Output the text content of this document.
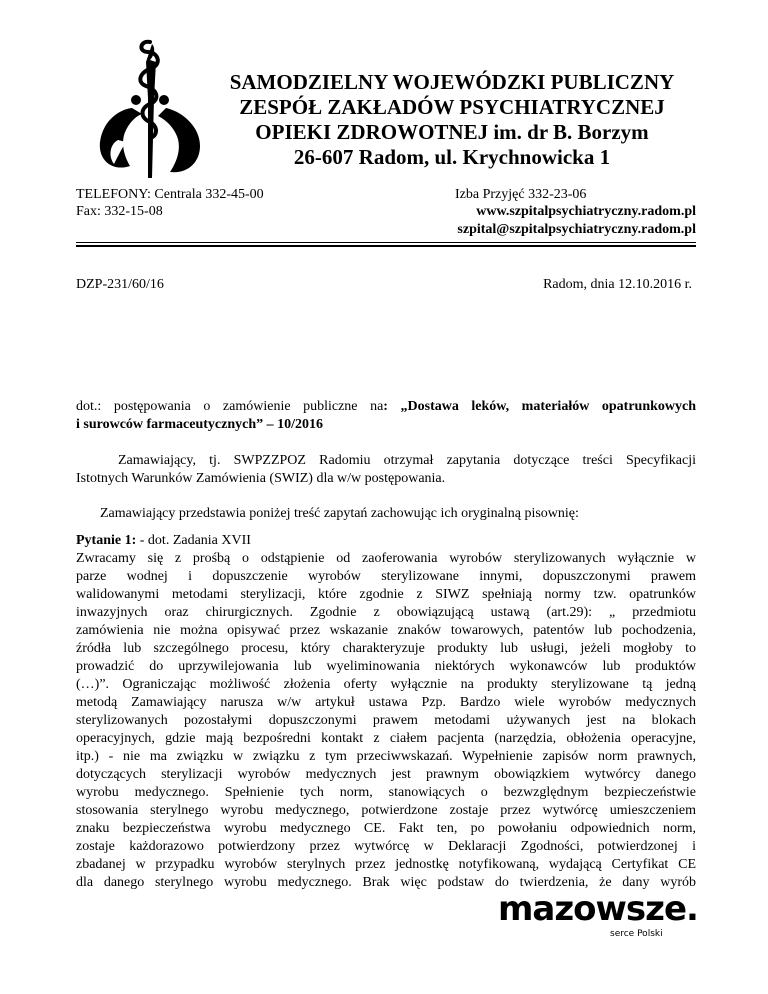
SAMODZIELNY WOJEWÓDZKI PUBLICZNY
ZESPÓŁ ZAKŁADÓW PSYCHIATRYCZNEJ
OPIEKI ZDROWOTNEJ im. dr B. Borzym
26-607 Radom, ul. Krychnowicka 1
TELEFONY: Centrala 332-45-00
Fax: 332-15-08
Izba Przyjęć 332-23-06
www.szpitalpsychiatryczny.radom.pl
szpital@szpitalpsychiatryczny.radom.pl
DZP-231/60/16	Radom, dnia 12.10.2016 r.
dot.: postępowania o zamówienie publiczne na: „Dostawa leków, materiałów opatrunkowych
i surowców farmaceutycznych” – 10/2016
Zamawiający, tj. SWPZZPOZ Radomiu otrzymał zapytania dotyczące treści Specyfikacji
Istotnych Warunków Zamówienia (SWIZ) dla w/w postępowania.
Zamawiający przedstawia poniżej treść zapytań zachowując ich oryginalną pisownię:
Pytanie 1: - dot. Zadania XVII
Zwracamy się z prośbą o odstąpienie od zaoferowania wyrobów sterylizowanych wyłącznie w
parze wodnej i dopuszczenie wyrobów sterylizowane innymi, dopuszczonymi prawem
walidowanymi metodami sterylizacji, które zgodnie z SIWZ spełniają normy tzw. opatrunków
inwazyjnych oraz chirurgicznych. Zgodnie z obowiązującą ustawą (art.29): „ przedmiotu
zamówienia nie można opisywać przez wskazanie znaków towarowych, patentów lub pochodzenia,
źródła lub szczególnego procesu, który charakteryzuje produkty lub usługi, jeżeli mogłoby to
prowadzić do uprzywilejowania lub wyeliminowania niektórych wykonawców lub produktów
(…)”. Ograniczając możliwość złożenia oferty wyłącznie na produkty sterylizowane tą jedną
metodą Zamawiający narusza w/w artykuł ustawa Pzp. Bardzo wiele wyrobów medycznych
sterylizowanych pozostałymi dopuszczonymi prawem metodami używanych jest na blokach
operacyjnych, gdzie mają bezpośredni kontakt z ciałem pacjenta (narzędzia, obłożenia operacyjne,
itp.) - nie ma związku w związku z tym przeciwwskazań. Wypełnienie zapisów norm prawnych,
dotyczących sterylizacji wyrobów medycznych jest prawnym obowiązkiem wytwórcy danego
wyrobu medycznego. Spełnienie tych norm, stanowiących o bezwzględnym bezpieczeństwie
stosowania sterylnego wyrobu medycznego, potwierdzone zostaje przez wytwórcę umieszczeniem
znaku bezpieczeństwa wyrobu medycznego CE. Fakt ten, po powołaniu odpowiednich norm,
zostaje każdorazowo potwierdzony przez wytwórcę w Deklaracji Zgodności, potwierdzonej i
zbadanej w przypadku wyrobów sterylnych przez jednostkę notyfikowaną, wydającą Certyfikat CE
dla danego sterylnego wyrobu medycznego. Brak więc podstaw do twierdzenia, że dany wyrób
mazowsze.
serce Polski
